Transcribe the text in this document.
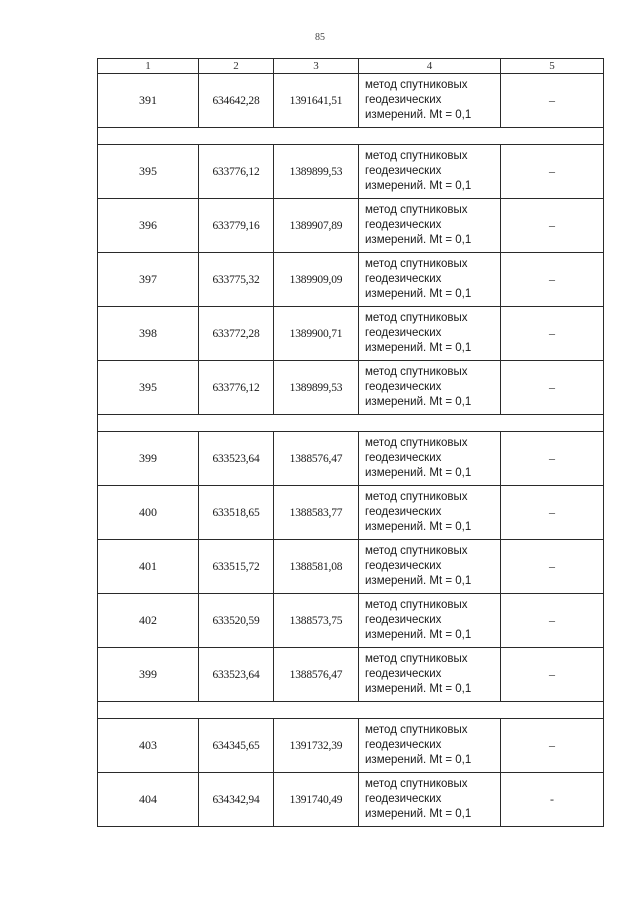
85
1	2	3	4	5
391	634642,28	1391641,51	метод спутниковых
геодезических
измерений. Mt = 0,1	–

395	633776,12	1389899,53	метод спутниковых
геодезических
измерений. Mt = 0,1	–
396	633779,16	1389907,89	метод спутниковых
геодезических
измерений. Mt = 0,1	–
397	633775,32	1389909,09	метод спутниковых
геодезических
измерений. Mt = 0,1	–
398	633772,28	1389900,71	метод спутниковых
геодезических
измерений. Mt = 0,1	–
395	633776,12	1389899,53	метод спутниковых
геодезических
измерений. Mt = 0,1	–

399	633523,64	1388576,47	метод спутниковых
геодезических
измерений. Mt = 0,1	–
400	633518,65	1388583,77	метод спутниковых
геодезических
измерений. Mt = 0,1	–
401	633515,72	1388581,08	метод спутниковых
геодезических
измерений. Mt = 0,1	–
402	633520,59	1388573,75	метод спутниковых
геодезических
измерений. Mt = 0,1	–
399	633523,64	1388576,47	метод спутниковых
геодезических
измерений. Mt = 0,1	–

403	634345,65	1391732,39	метод спутниковых
геодезических
измерений. Mt = 0,1	–
404	634342,94	1391740,49	метод спутниковых
геодезических
измерений. Mt = 0,1	-
